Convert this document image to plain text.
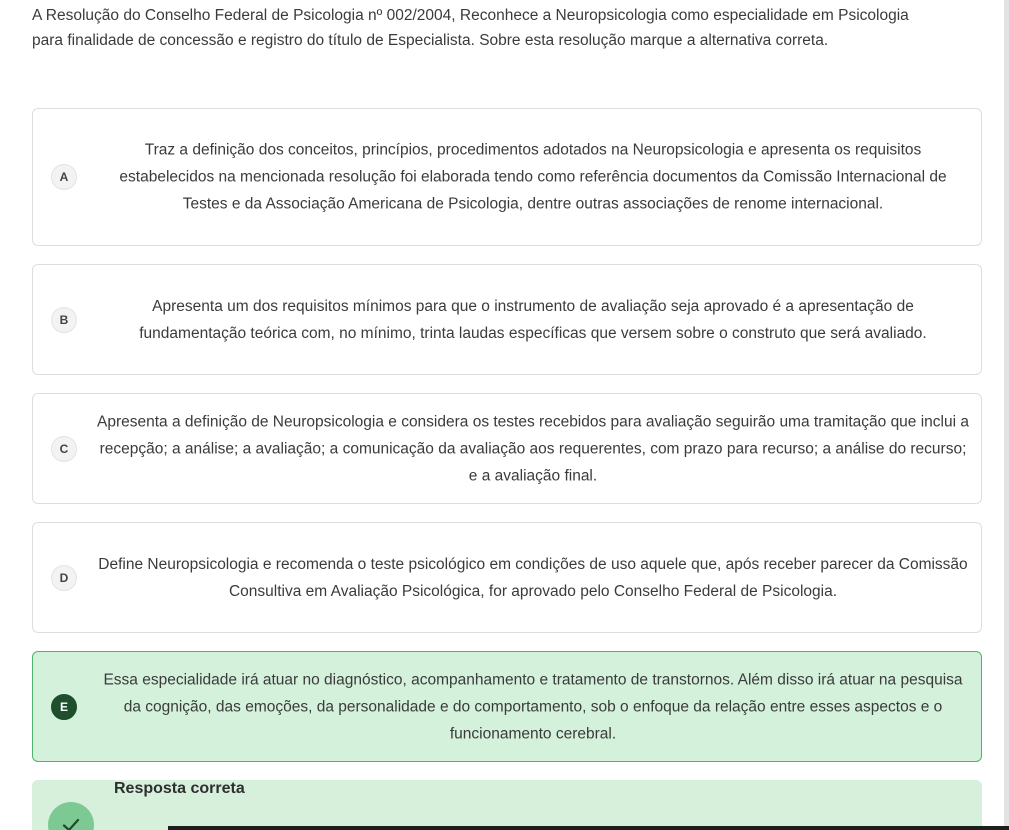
A Resolução do Conselho Federal de Psicologia nº 002/2004, Reconhece a Neuropsicologia como especialidade em Psicologia para finalidade de concessão e registro do título de Especialista. Sobre esta resolução marque a alternativa correta.

A
Traz a definição dos conceitos, princípios, procedimentos adotados na Neuropsicologia e apresenta os requisitos estabelecidos na mencionada resolução foi elaborada tendo como referência documentos da Comissão Internacional de Testes e da Associação Americana de Psicologia, dentre outras associações de renome internacional.
B
Apresenta um dos requisitos mínimos para que o instrumento de avaliação seja aprovado é a apresentação de fundamentação teórica com, no mínimo, trinta laudas específicas que versem sobre o construto que será avaliado.
C
Apresenta a definição de Neuropsicologia e considera os testes recebidos para avaliação seguirão uma tramitação que inclui a recepção; a análise; a avaliação; a comunicação da avaliação aos requerentes, com prazo para recurso; a análise do recurso; e a avaliação final.
D
Define Neuropsicologia e recomenda o teste psicológico em condições de uso aquele que, após receber parecer da Comissão Consultiva em Avaliação Psicológica, for aprovado pelo Conselho Federal de Psicologia.
E
Essa especialidade irá atuar no diagnóstico, acompanhamento e tratamento de transtornos. Além disso irá atuar na pesquisa da cognição, das emoções, da personalidade e do comportamento, sob o enfoque da relação entre esses aspectos e o funcionamento cerebral.
Resposta correta
